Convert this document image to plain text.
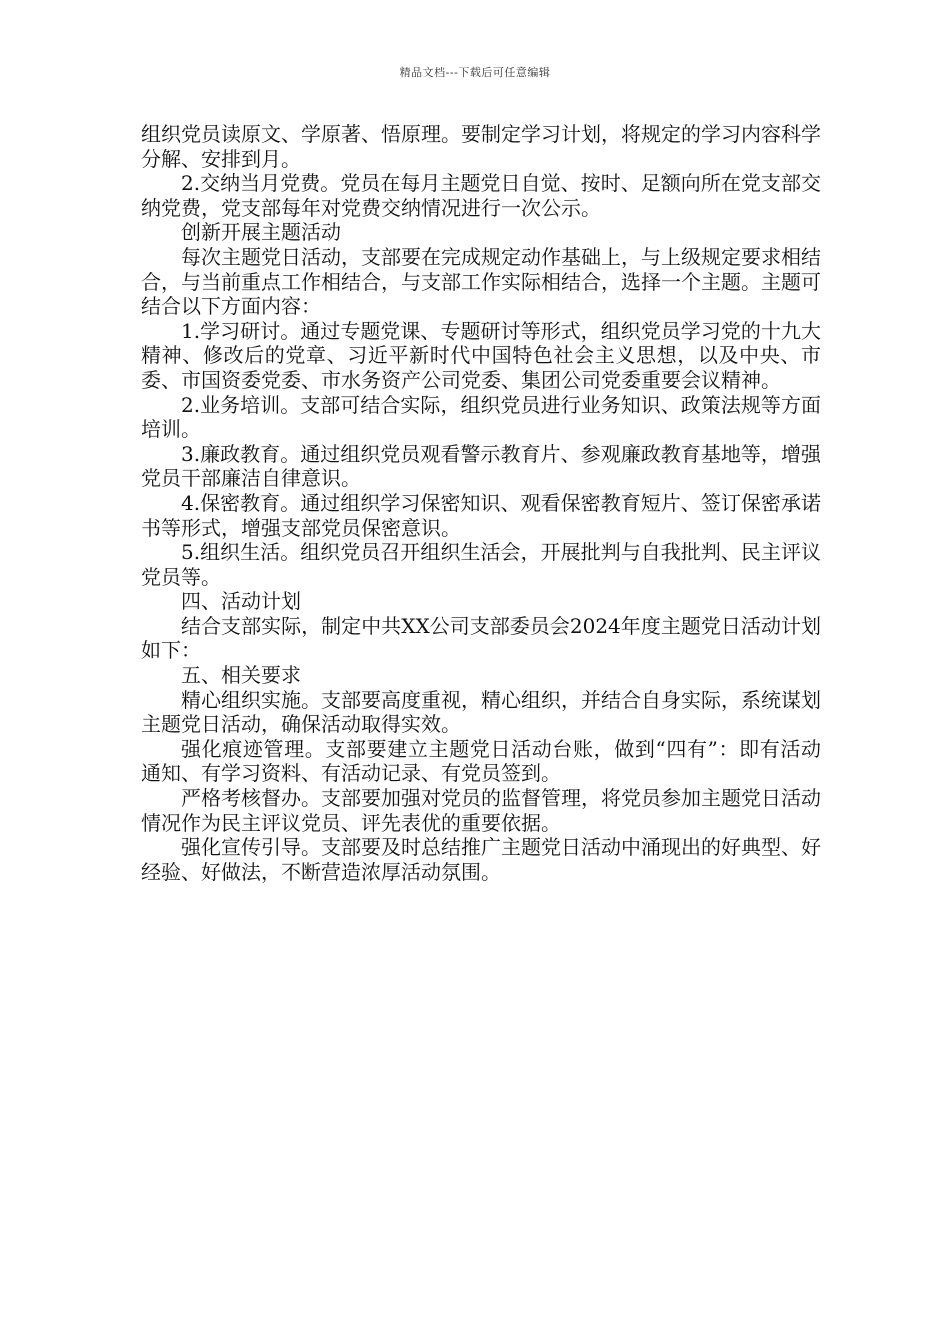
精品文档---下载后可任意编辑

组织党员读原文、学原著、悟原理。要制定学习计划，将规定的学习内容科学分解、安排到月。

2.交纳当月党费。党员在每月主题党日自觉、按时、足额向所在党支部交纳党费，党支部每年对党费交纳情况进行一次公示。

创新开展主题活动

每次主题党日活动，支部要在完成规定动作基础上，与上级规定要求相结合，与当前重点工作相结合，与支部工作实际相结合，选择一个主题。主题可结合以下方面内容：

1.学习研讨。通过专题党课、专题研讨等形式，组织党员学习党的十九大精神、修改后的党章、习近平新时代中国特色社会主义思想，以及中央、市委、市国资委党委、市水务资产公司党委、集团公司党委重要会议精神。

2.业务培训。支部可结合实际，组织党员进行业务知识、政策法规等方面培训。

3.廉政教育。通过组织党员观看警示教育片、参观廉政教育基地等，增强党员干部廉洁自律意识。

4.保密教育。通过组织学习保密知识、观看保密教育短片、签订保密承诺书等形式，增强支部党员保密意识。

5.组织生活。组织党员召开组织生活会，开展批判与自我批判、民主评议党员等。

四、活动计划

结合支部实际，制定中共XX公司支部委员会2024年度主题党日活动计划如下：

五、相关要求

精心组织实施。支部要高度重视，精心组织，并结合自身实际，系统谋划主题党日活动，确保活动取得实效。

强化痕迹管理。支部要建立主题党日活动台账，做到“四有”：即有活动通知、有学习资料、有活动记录、有党员签到。

严格考核督办。支部要加强对党员的监督管理，将党员参加主题党日活动情况作为民主评议党员、评先表优的重要依据。

强化宣传引导。支部要及时总结推广主题党日活动中涌现出的好典型、好经验、好做法，不断营造浓厚活动氛围。
